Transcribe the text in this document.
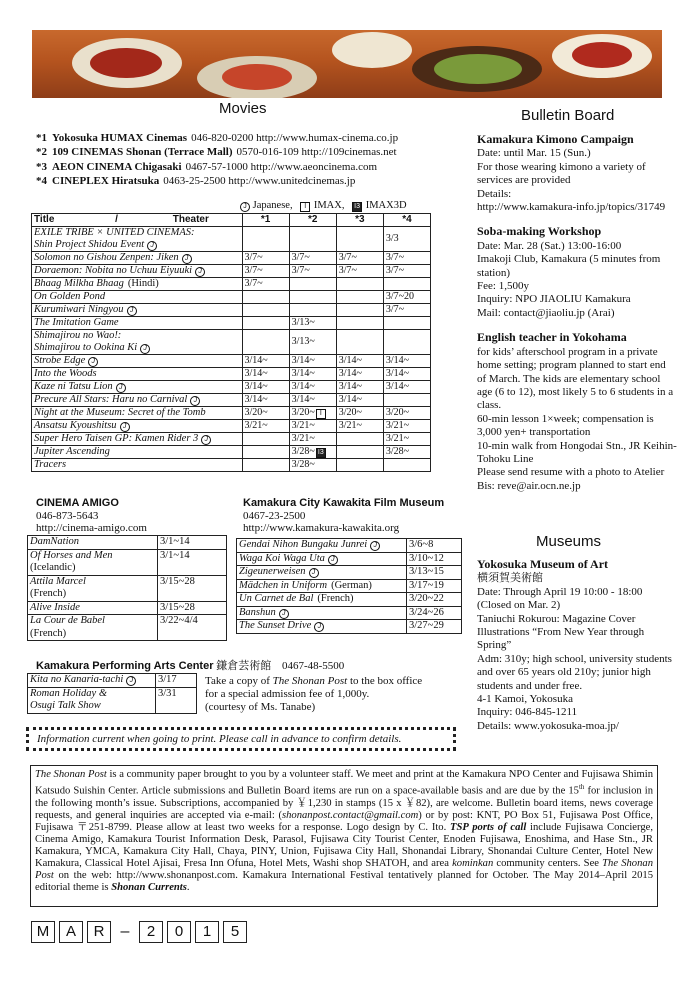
Movies	Bulletin Board
Museums
*1 Yokosuka HUMAX Cinemas 046-820-0200 http://www.humax-cinema.co.jp
*2 109 CINEMAS Shonan (Terrace Mall) 0570-016-109 http://109cinemas.net
*3 AEON CINEMA Chigasaki 0467-57-1000 http://www.aeoncinema.com
*4 CINEPLEX Hiratsuka 0463-25-2500 http://www.unitedcinemas.jp
J Japanese, I IMAX, I3 IMAX3D
Title / Theater	*1	*2	*3	*4
EXILE TRIBE × UNITED CINEMAS:
Shin Project Shidou Event J				3/3
Solomon no Gishou Zenpen: Jiken J	3/7~	3/7~	3/7~	3/7~
Doraemon: Nobita no Uchuu Eiyuuki J	3/7~	3/7~	3/7~	3/7~
Bhaag Milkha Bhaag (Hindi)	3/7~			
On Golden Pond				3/7~20
Kurumiwari Ningyou J				3/7~
The Imitation Game		3/13~		
Shimajirou no Wao!:
Shimajirou to Ookina Ki J		3/13~		
Strobe Edge J	3/14~	3/14~	3/14~	3/14~
Into the Woods	3/14~	3/14~	3/14~	3/14~
Kaze ni Tatsu Lion J	3/14~	3/14~	3/14~	3/14~
Precure All Stars: Haru no Carnival J	3/14~	3/14~	3/14~	
Night at the Museum: Secret of the Tomb	3/20~	3/20~ I	3/20~	3/20~
Ansatsu Kyoushitsu J	3/21~	3/21~	3/21~	3/21~
Super Hero Taisen GP: Kamen Rider 3 J		3/21~		3/21~
Jupiter Ascending		3/28~ I3		3/28~
Tracers		3/28~		
CINEMA AMIGO
046-873-5643
http://cinema-amigo.com
DamNation	3/1~14
Of Horses and Men
(Icelandic)	3/1~14
Attila Marcel
(French)	3/15~28
Alive Inside	3/15~28
La Cour de Babel
(French)	3/22~4/4
Kamakura City Kawakita Film Museum
0467-23-2500
http://www.kamakura-kawakita.org
Gendai Nihon Bungaku Junrei J	3/6~8
Waga Koi Waga Uta J	3/10~12
Zigeunerweisen J	3/13~15
Mädchen in Uniform (German)	3/17~19
Un Carnet de Bal (French)	3/20~22
Banshun J	3/24~26
The Sunset Drive J	3/27~29
Kamakura Performing Arts Center 鎌倉芸術館 0467-48-5500
Kita no Kanaria-tachi J	3/17
Roman Holiday &
Osugi Talk Show	3/31
Take a copy of The Shonan Post to the box office
for a special admission fee of 1,000y.
(courtesy of Ms. Tanabe)
Information current when going to print. Please call in advance to confirm details.
Kamakura Kimono Campaign
Date: until Mar. 15 (Sun.)
For those wearing kimono a variety of services are provided
Details:
http://www.kamakura-info.jp/topics/31749
Soba-making Workshop
Date: Mar. 28 (Sat.) 13:00-16:00
Imakoji Club, Kamakura (5 minutes from station)
Fee: 1,500y
Inquiry: NPO JIAOLIU Kamakura
Mail: contact@jiaoliu.jp (Arai)
English teacher in Yokohama
for kids’ afterschool program in a private home setting; program planned to start end of March. The kids are elementary school age (6 to 12), most likely 5 to 6 students in a class.
60-min lesson 1×week; compensation is 3,000 yen+ transportation
10-min walk from Hongodai Stn., JR Keihin-Tohoku Line
Please send resume with a photo to Atelier Bis: reve@air.ocn.ne.jp
Yokosuka Museum of Art
横須賀美術館
Date: Through April 19 10:00 - 18:00 (Closed on Mar. 2)
Taniuchi Rokurou: Magazine Cover Illustrations “From New Year through Spring”
Adm: 310y; high school, university students and over 65 years old 210y; junior high students and under free.
4-1 Kamoi, Yokosuka
Inquiry: 046-845-1211
Details: www.yokosuka-moa.jp/
The Shonan Post is a community paper brought to you by a volunteer staff. We meet and print at the Kamakura NPO Center and Fujisawa Shimin Katsudo Suishin Center. Article submissions and Bulletin Board items are run on a space-available basis and are due by the 15th for inclusion in the following month’s issue. Subscriptions, accompanied by ￥1,230 in stamps (15 x ￥82), are welcome. Bulletin board items, news coverage requests, and general inquiries are accepted via e-mail: (shonanpost.contact@gmail.com) or by post: KNT, PO Box 51, Fujisawa Post Office, Fujisawa 〒251-8799. Please allow at least two weeks for a response. Logo design by C. Ito. TSP ports of call include Fujisawa Concierge, Cinema Amigo, Kamakura Tourist Information Desk, Parasol, Fujisawa City Tourist Center, Enoden Fujisawa, Enoshima, and Hase Stn., JR Kamakura, YMCA, Kamakura City Hall, Chaya, PINY, Union, Fujisawa City Hall, Shonandai Library, Shonandai Culture Center, Hotel New Kamakura, Classical Hotel Ajisai, Fresa Inn Ofuna, Hotel Mets, Washi shop SHATOH, and area kominkan community centers. See The Shonan Post on the web: http://www.shonanpost.com. Kamakura International Festival tentatively planned for October. The May 2014–April 2015 editorial theme is Shonan Currents.
M	A	R	–	2	0	1	5
